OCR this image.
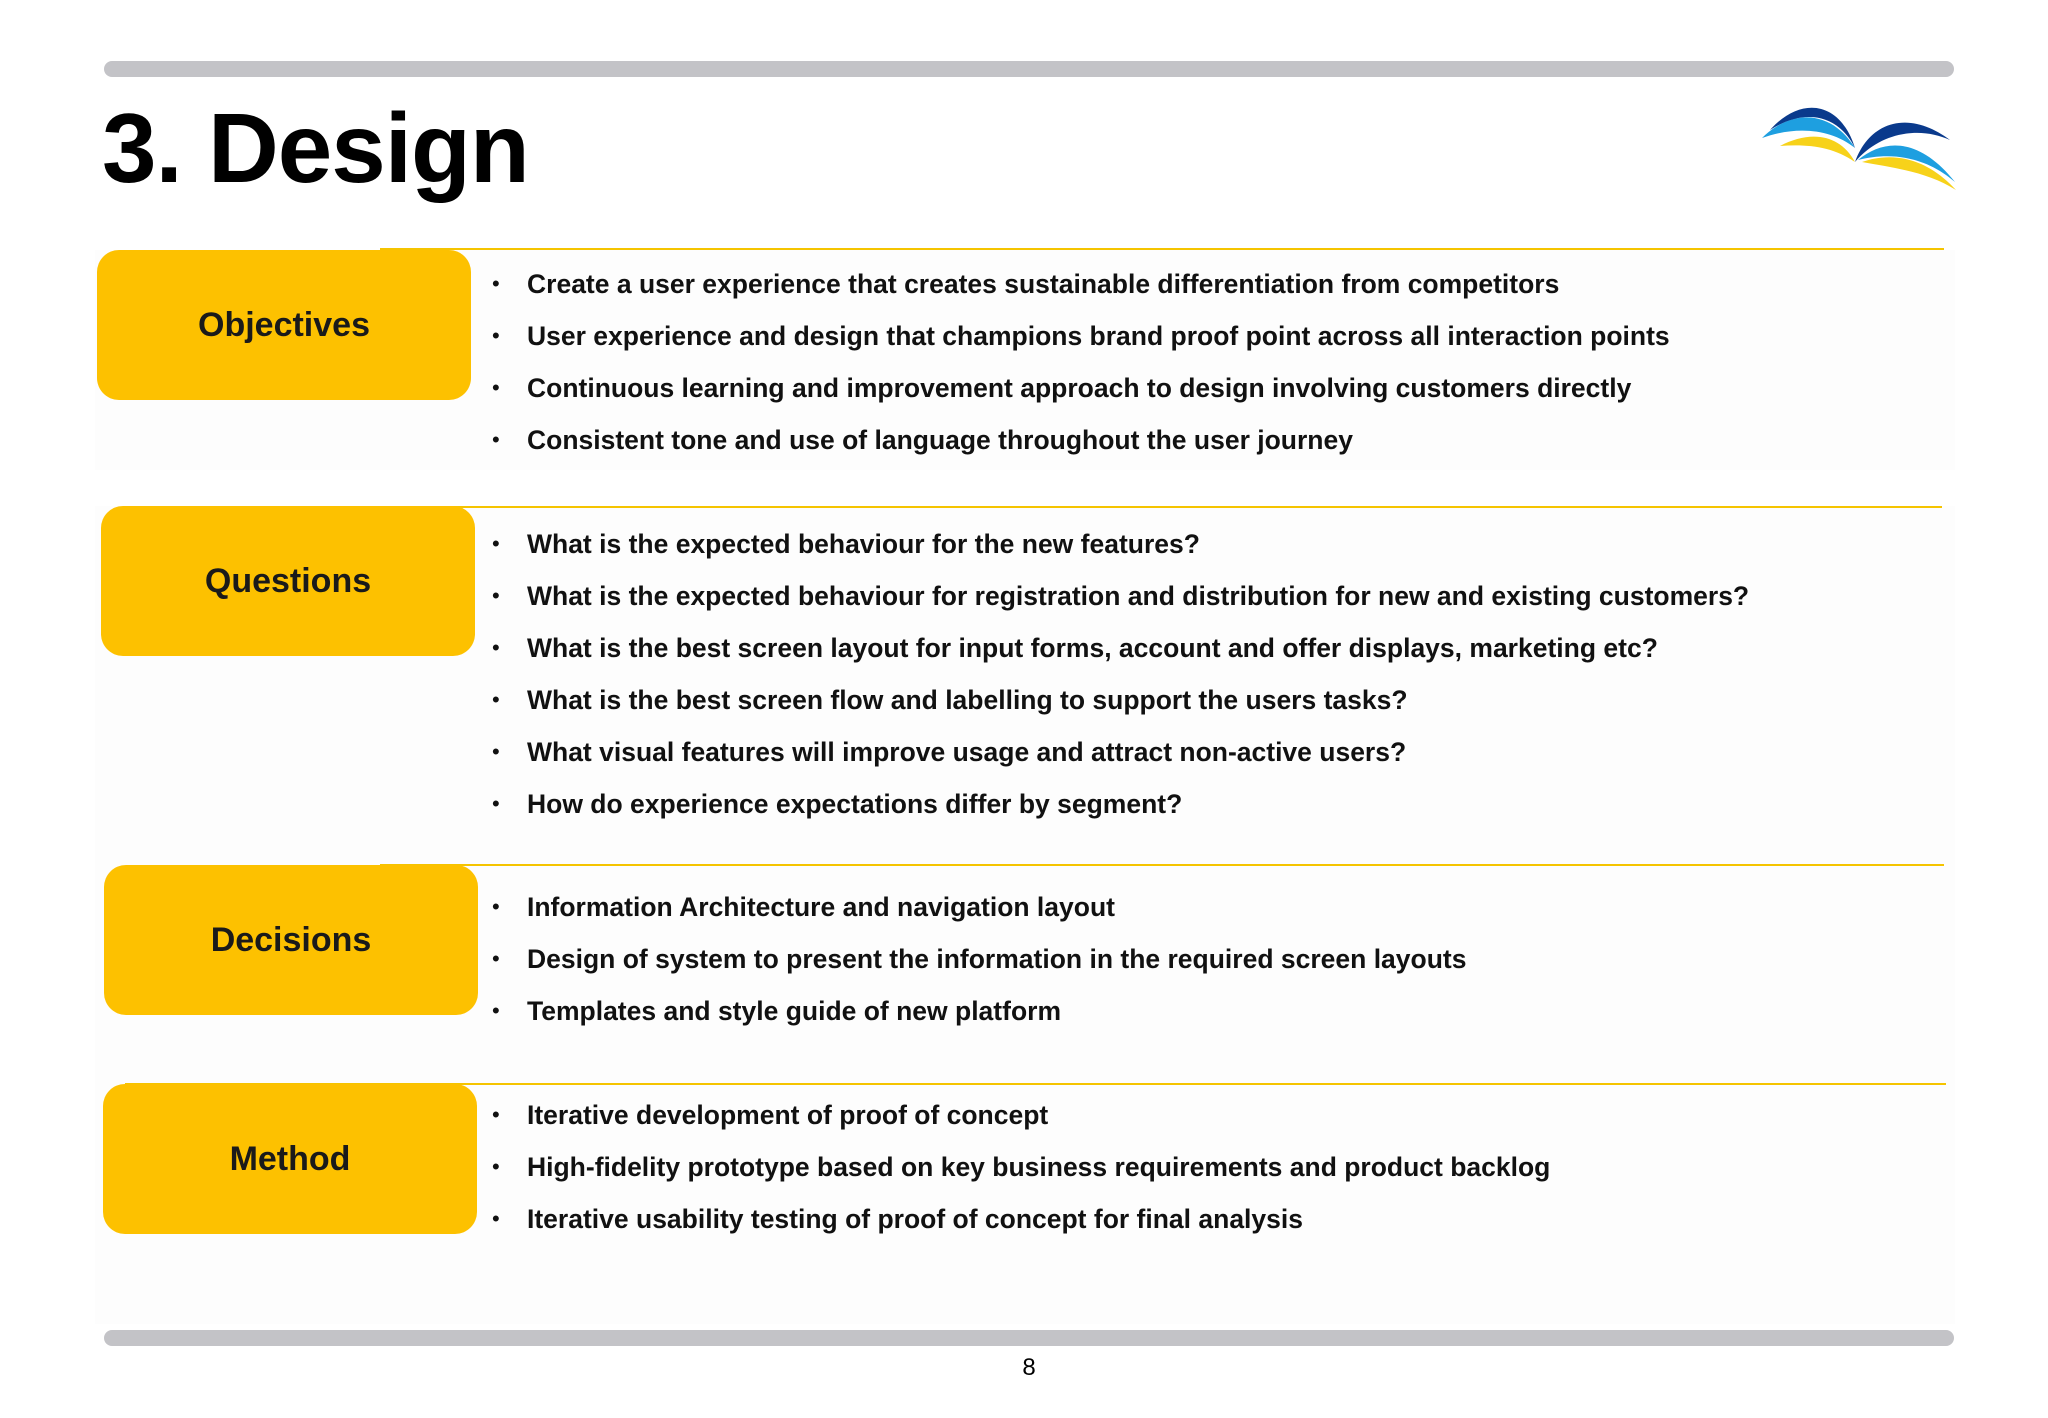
3. Design
Objectives
• Create a user experience that creates sustainable differentiation from competitors
• User experience and design that champions brand proof point across all interaction points
• Continuous learning and improvement approach to design involving customers directly
• Consistent tone and use of language throughout the user journey
Questions
• What is the expected behaviour for the new features?
• What is the expected behaviour for registration and distribution for new and existing customers?
• What is the best screen layout for input forms, account and offer displays, marketing etc?
• What is the best screen flow and labelling to support the users tasks?
• What visual features will improve usage and attract non-active users?
• How do experience expectations differ by segment?
Decisions
• Information Architecture and navigation layout
• Design of system to present the information in the required screen layouts
• Templates and style guide of new platform
Method
• Iterative development of proof of concept
• High-fidelity prototype based on key business requirements and product backlog
• Iterative usability testing of proof of concept for final analysis
8
